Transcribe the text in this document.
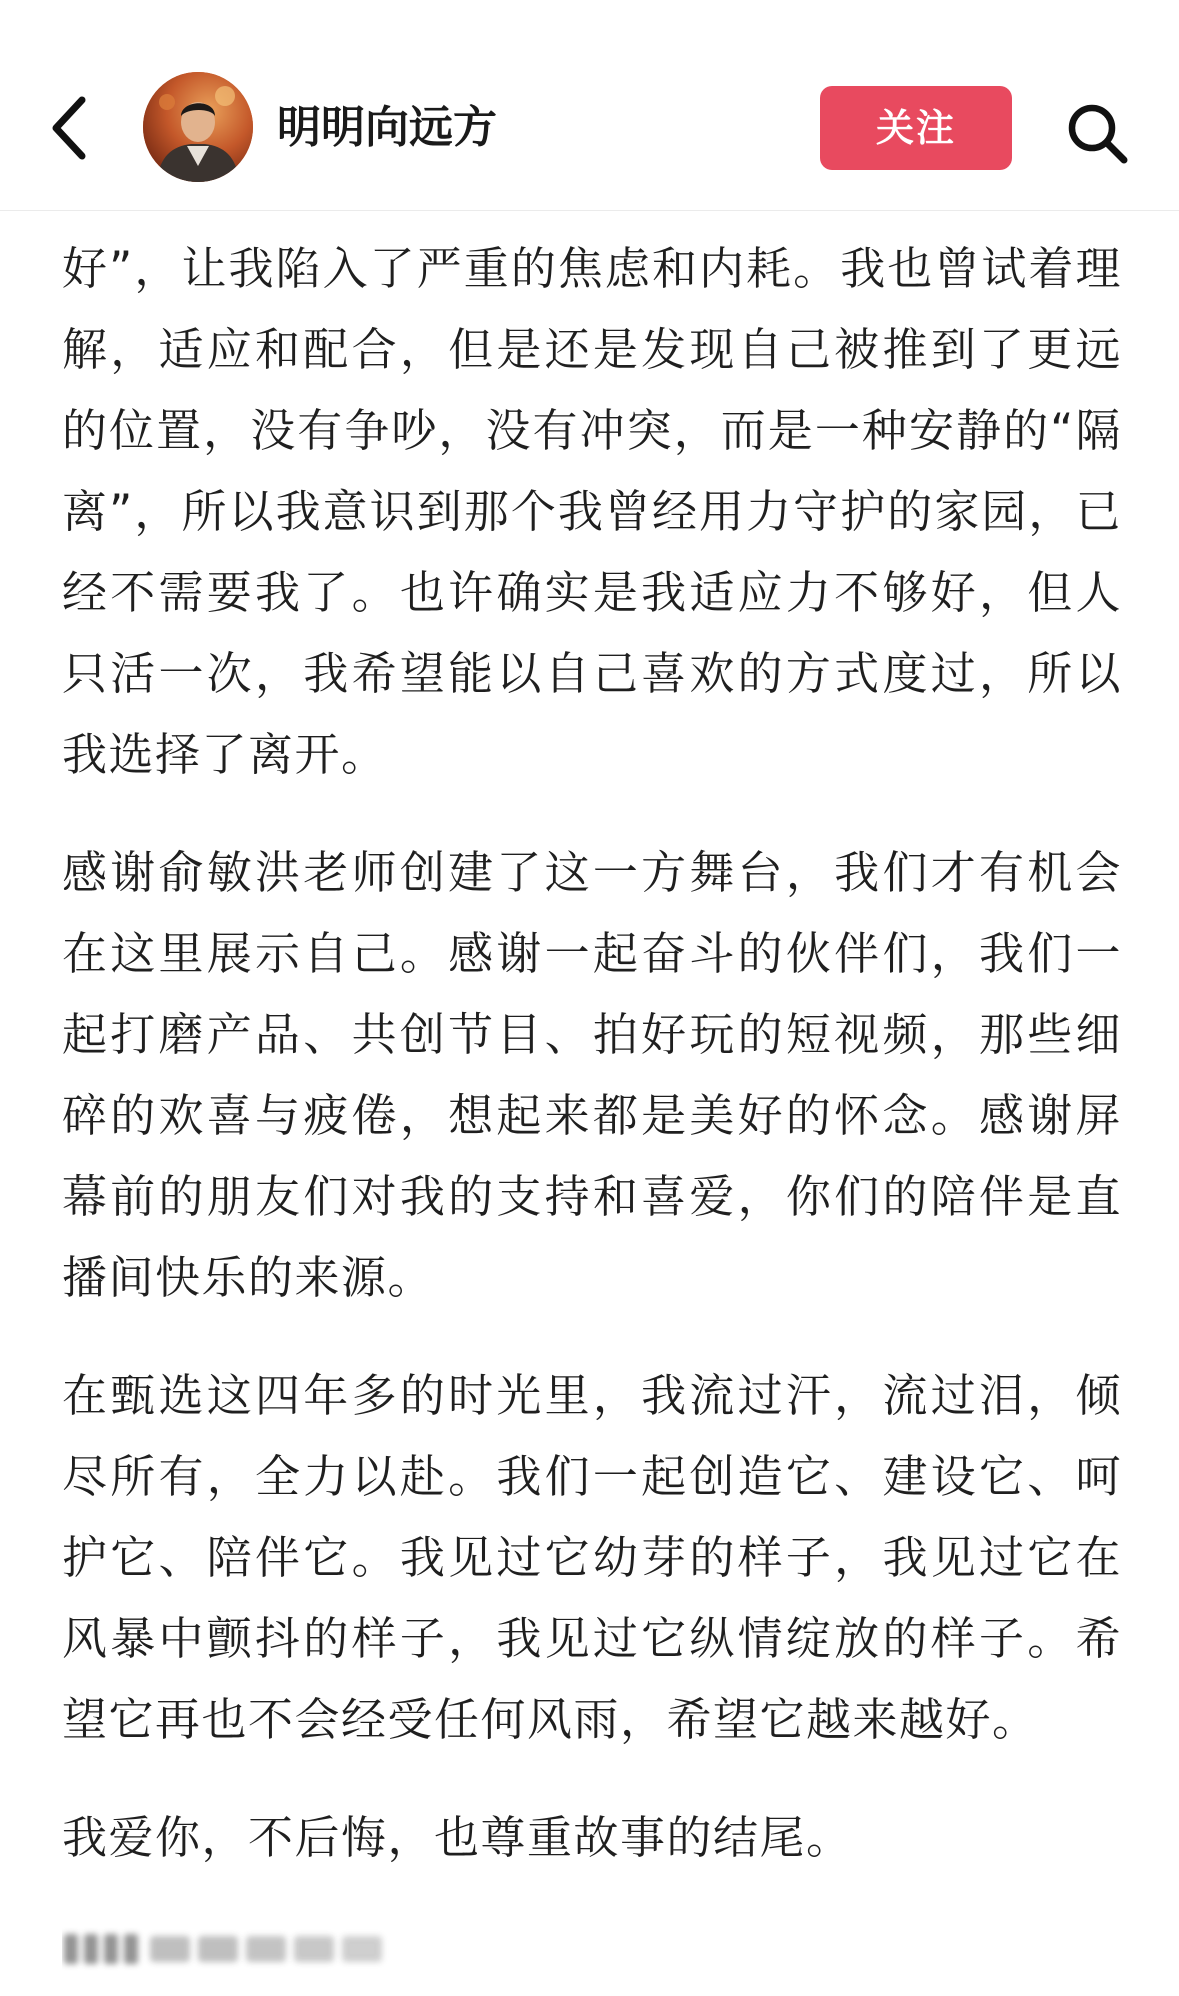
明明向远方	关注

好”，让我陷入了严重的焦虑和内耗。我也曾试着理解，适应和配合，但是还是发现自己被推到了更远的位置，没有争吵，没有冲突，而是一种安静的“隔离”，所以我意识到那个我曾经用力守护的家园，已经不需要我了。也许确实是我适应力不够好，但人只活一次，我希望能以自己喜欢的方式度过，所以我选择了离开。

感谢俞敏洪老师创建了这一方舞台，我们才有机会在这里展示自己。感谢一起奋斗的伙伴们，我们一起打磨产品、共创节目、拍好玩的短视频，那些细碎的欢喜与疲倦，想起来都是美好的怀念。感谢屏幕前的朋友们对我的支持和喜爱，你们的陪伴是直播间快乐的来源。

在甄选这四年多的时光里，我流过汗，流过泪，倾尽所有，全力以赴。我们一起创造它、建设它、呵护它、陪伴它。我见过它幼芽的样子，我见过它在风暴中颤抖的样子，我见过它纵情绽放的样子。希望它再也不会经受任何风雨，希望它越来越好。

我爱你，不后悔，也尊重故事的结尾。
